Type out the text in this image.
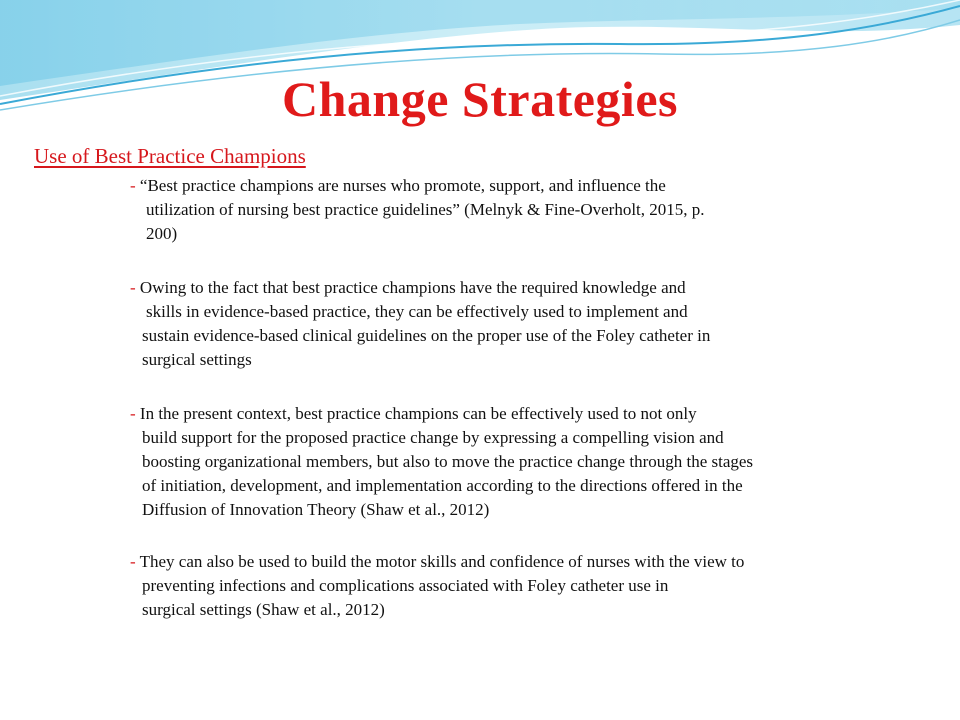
Change Strategies

Use of Best Practice Champions

- “Best practice champions are nurses who promote, support, and influence the
utilization of nursing best practice guidelines” (Melnyk & Fine-Overholt, 2015, p.
200)
- Owing to the fact that best practice champions have the required knowledge and
skills in evidence-based practice, they can be effectively used to implement and
sustain evidence-based clinical guidelines on the proper use of the Foley catheter in
surgical settings
- In the present context, best practice champions can be effectively used to not only
build support for the proposed practice change by expressing a compelling vision and
boosting organizational members, but also to move the practice change through the stages
of initiation, development, and implementation according to the directions offered in the
Diffusion of Innovation Theory (Shaw et al., 2012)
- They can also be used to build the motor skills and confidence of nurses with the view to
preventing infections and complications associated with Foley catheter use in
surgical settings (Shaw et al., 2012)
